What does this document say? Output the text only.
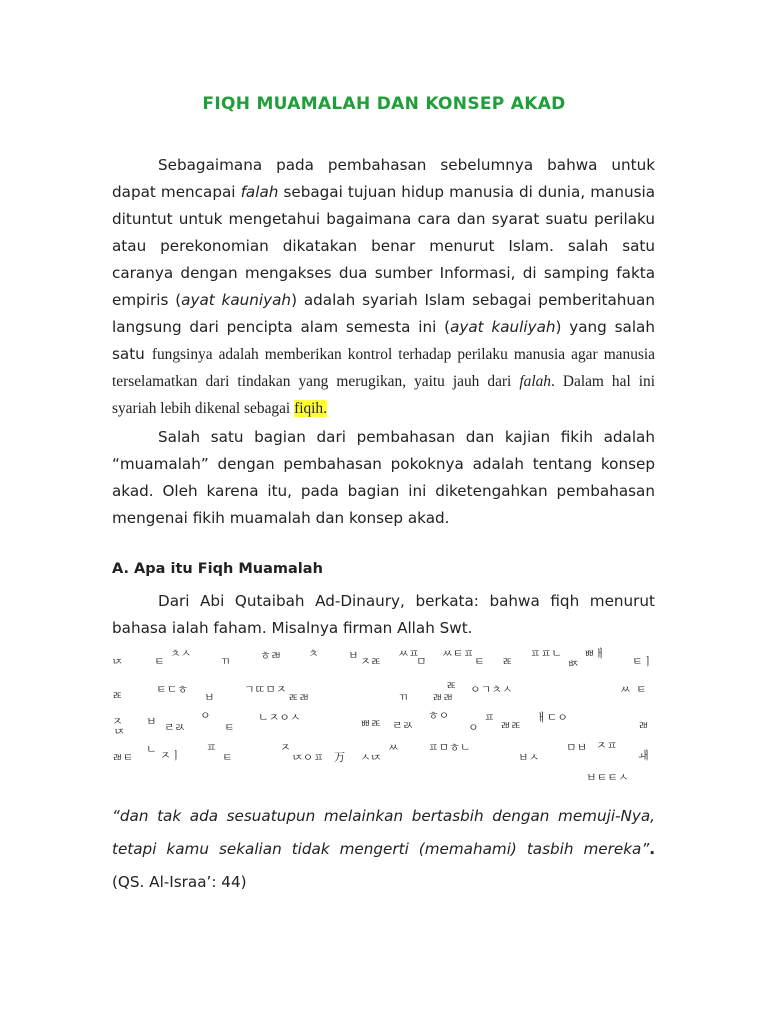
FIQH MUAMALAH DAN KONSEP AKAD
Sebagaimana pada pembahasan sebelumnya bahwa untuk dapat mencapai falah sebagai tujuan hidup manusia di dunia, manusia dituntut untuk mengetahui bagaimana cara dan syarat suatu perilaku atau perekonomian dikatakan benar menurut Islam. salah satu caranya dengan mengakses dua sumber Informasi, di samping fakta empiris (ayat kauniyah) adalah syariah Islam sebagai pemberitahuan langsung dari pencipta alam semesta ini (ayat kauliyah) yang salah satu fungsinya adalah memberikan kontrol terhadap perilaku manusia agar manusia terselamatkan dari tindakan yang merugikan, yaitu jauh dari falah. Dalam hal ini syariah lebih dikenal sebagai fiqih.
Salah satu bagian dari pembahasan dan kajian fikih adalah “muamalah” dengan pembahasan pokoknya adalah tentang konsep akad. Oleh karena itu, pada bagian ini diketengahkan pembahasan mengenai fikih muamalah dan konsep akad.
A. Apa itu Fiqh Muamalah
Dari Abi Qutaibah Ad-Dinaury, berkata: bahwa fiqh menurut bahasa ialah faham. Misalnya firman Allah Swt.
ㄵ	ㅌ
ㅊㅅ
ㄲ	ㅎㄼ ㅊ	ㅂ ㅈㄾ
ㅆㅍ
ㅁ
ㅆㅌㅍ
ㅌ ㄾ
ㅍㅍㄴ
ㅶ
ㅃㅐ
ㅌㅣ
ㄾ	ㅌㄷㅎ
ㅂ
ㄱㄸㅁㅈ
ㄾㄼ	ㄲ ㄼㄼ
ㄾ ㅇㄱㅊㅅ	ㅆ ㅌ
ㅈ
ㄵ
ㅂ ㄹㄽ
ㅇ
ㅌ
ㄴㅈㅇㅅ	ㅃㄾ ㄹㄽ
ㅎㅇ
ㅇ
ㅍ
ㄼㄾ
ㅐㄷㅇ
ㄼ
ㄼㅌ
ㄴ ㅈㅣ
ㅍ
ㅌ
ㅈ
ㄵㅇㅍ ㄪ ㅅㄵ
ㅆ	ㅍㅁㅎㄴ
ㅂㅅ
ㅁㅂ ㅈㅍ
ㅙ
ㅂㅌㅌㅅ
“dan tak ada sesuatupun melainkan bertasbih dengan memuji-Nya, tetapi kamu sekalian tidak mengerti (memahami) tasbih mereka”. (QS. Al-Israa’: 44)
